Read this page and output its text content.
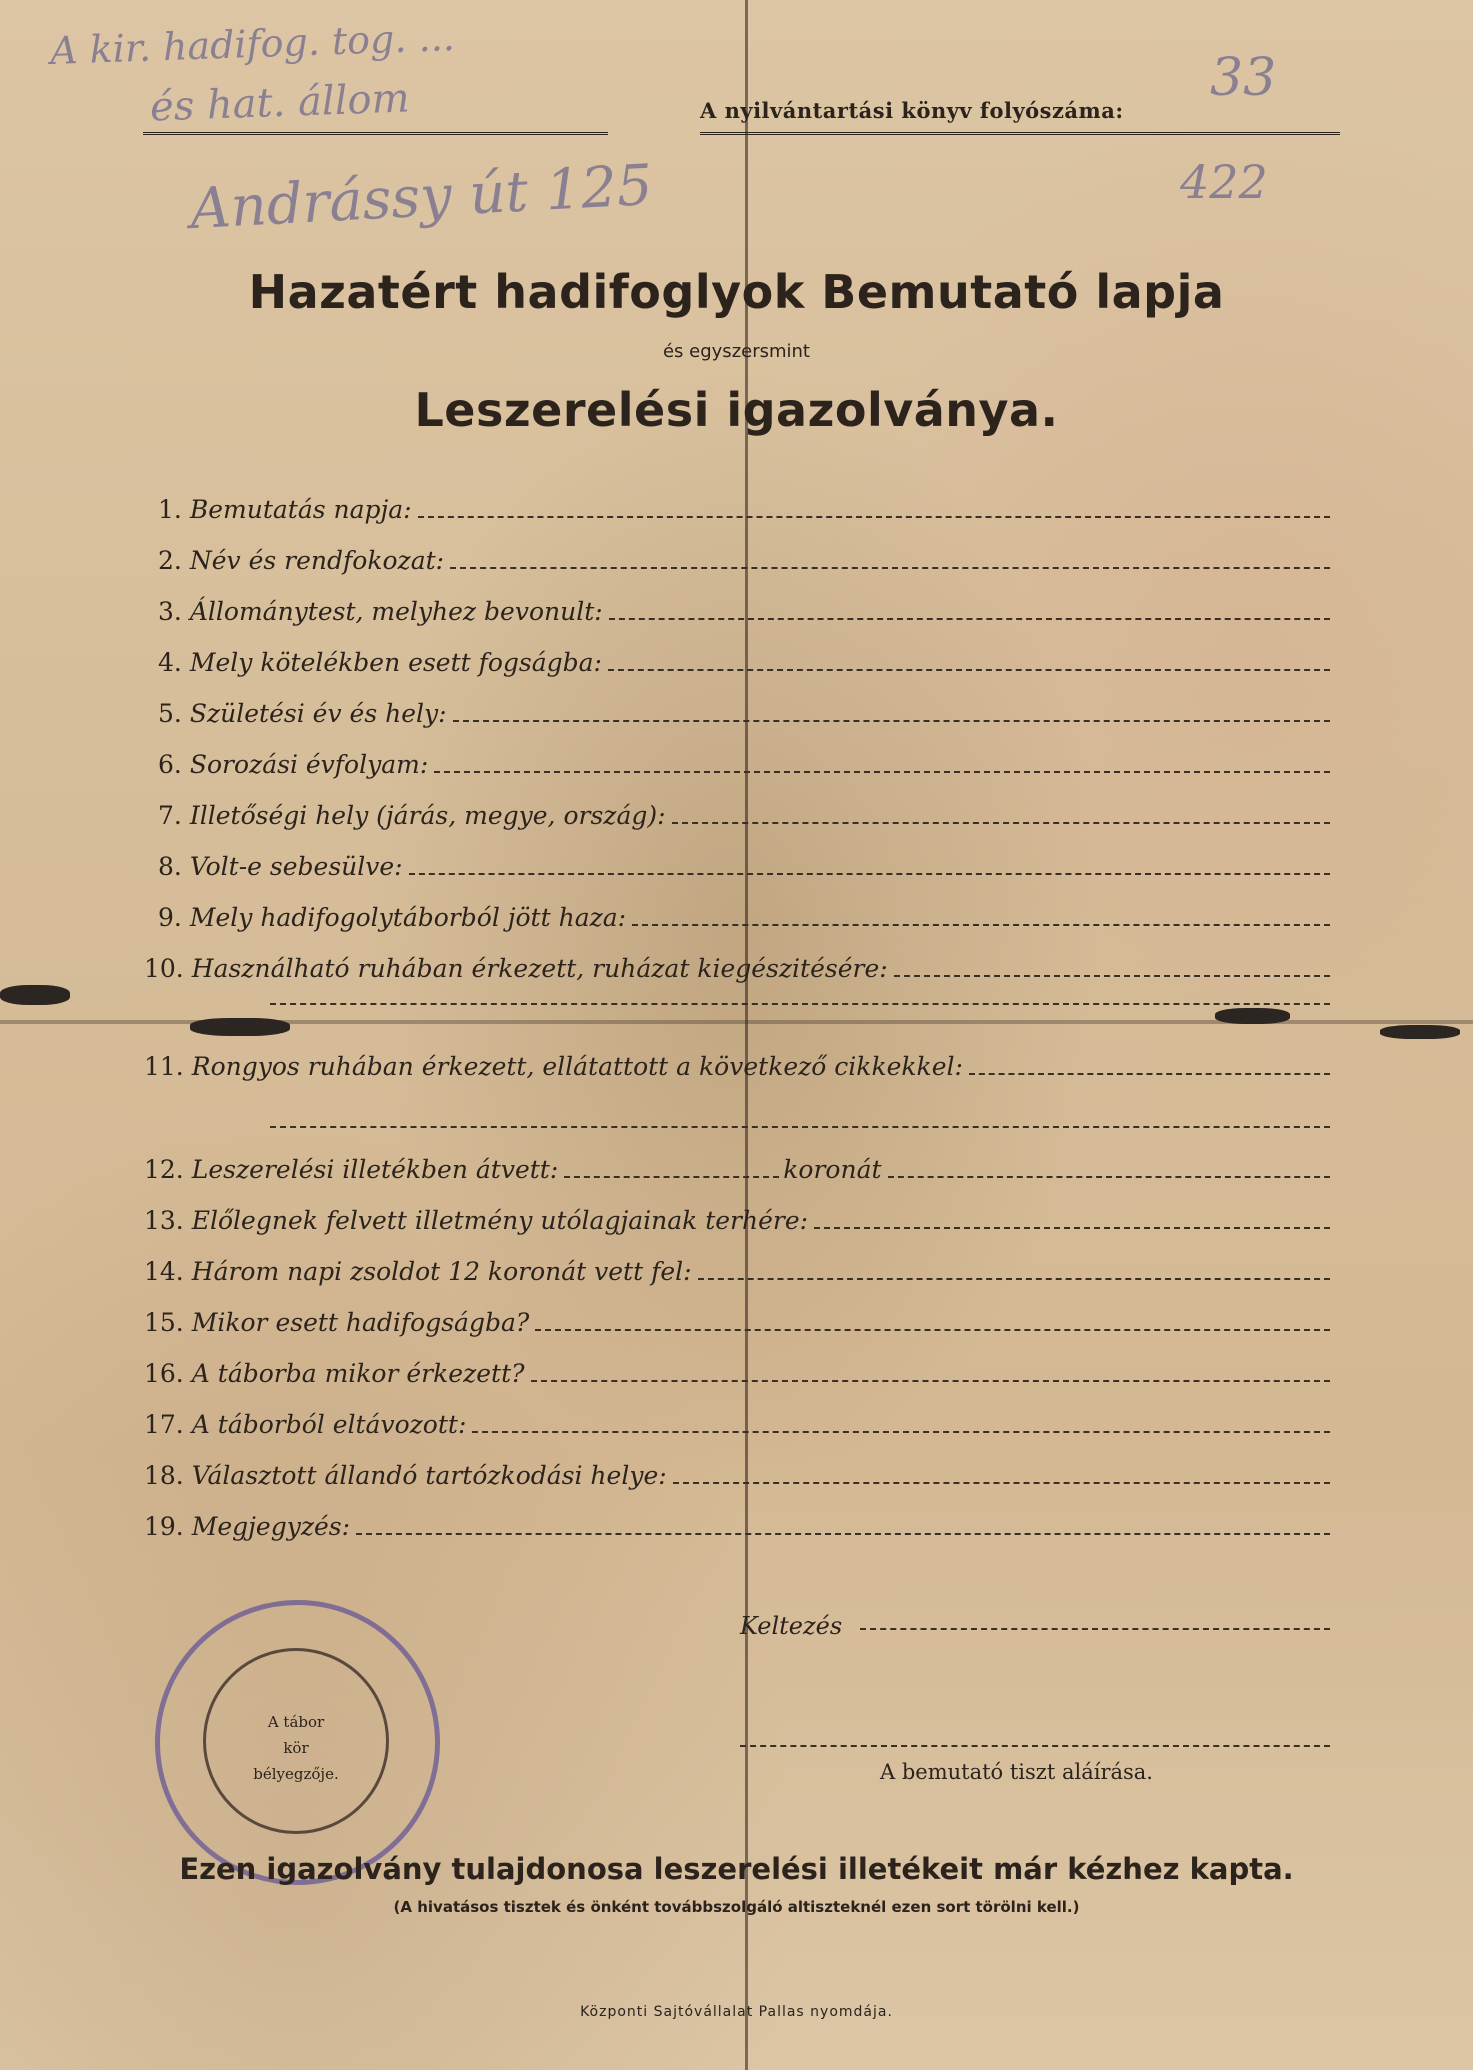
A kir. hadifog. tog. ...
és hat. állom
Andrássy út 125
33
422
A nyilvántartási könyv folyószáma:
Hazatért hadifoglyok Bemutató lapja
és egyszersmint
Leszerelési igazolványa.
1. Bemutatás napja:
2. Név és rendfokozat:
3. Állománytest, melyhez bevonult:
4. Mely kötelékben esett fogságba:
5. Születési év és hely:
6. Sorozási évfolyam:
7. Illetőségi hely (járás, megye, ország):
8. Volt-e sebesülve:
9. Mely hadifogolytáborból jött haza:
10. Használható ruhában érkezett, ruházat kiegészitésére:
11. Rongyos ruhában érkezett, ellátattott a következő cikkekkel:
12. Leszerelési illetékben átvett:	koronát
13. Előlegnek felvett illetmény utólagjainak terhére:
14. Három napi zsoldot 12 koronát vett fel:
15. Mikor esett hadifogságba?
16. A táborba mikor érkezett?
17. A táborból eltávozott:
18. Választott állandó tartózkodási helye:
19. Megjegyzés:
A tábor
kör
bélyegzője.
Keltezés
A bemutató tiszt aláírása.
Ezen igazolvány tulajdonosa leszerelési illetékeit már kézhez kapta.
(A hivatásos tisztek és önként továbbszolgáló altiszteknél ezen sort törölni kell.)
Központi Sajtóvállalat Pallas nyomdája.
